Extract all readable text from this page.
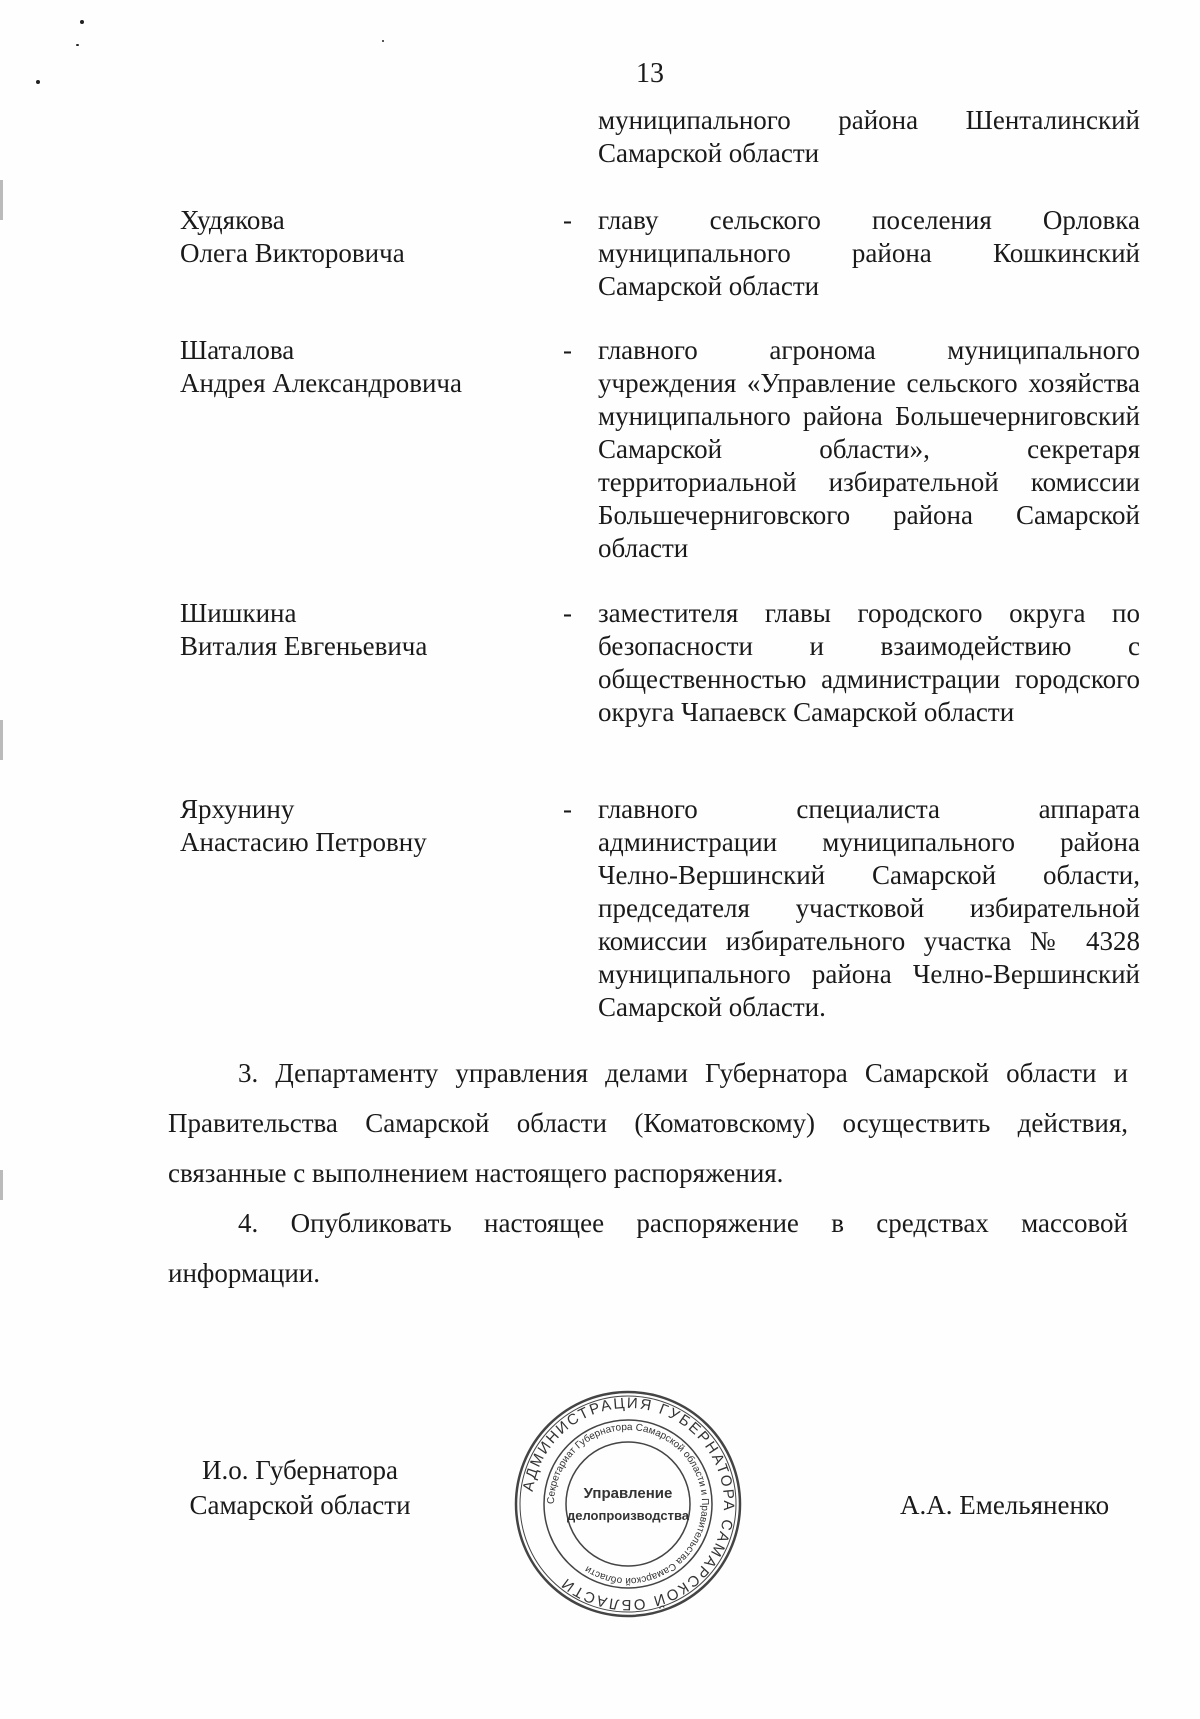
13
муниципального района Шенталинский Самарской области
Худякова
Олега Викторовича
- главу сельского поселения Орловка муниципального района Кошкинский Самарской области
Шаталова
Андрея Александровича
- главного агронома муниципального учреждения «Управление сельского хозяйства муниципального района Большечерниговский Самарской области», секретаря территориальной избирательной комиссии Большечерниговского района Самарской области
Шишкина
Виталия Евгеньевича
- заместителя главы городского округа по безопасности и взаимодействию с общественностью администрации городского округа Чапаевск Самарской области
Ярхунину
Анастасию Петровну
- главного специалиста аппарата администрации муниципального района Челно-Вершинский Самарской области, председателя участковой избирательной комиссии избирательного участка № 4328 муниципального района Челно-Вершинский Самарской области.
3. Департаменту управления делами Губернатора Самарской области и Правительства Самарской области (Коматовскому) осуществить действия, связанные с выполнением настоящего распоряжения.
4. Опубликовать настоящее распоряжение в средствах массовой информации.
И.о. Губернатора
Самарской области
АДМИНИСТРАЦИЯ ГУБЕРНАТОРА САМАРСКОЙ ОБЛАСТИ
Секретариат Губернатора Самарской области и Правительства Самарской области
Управление
делопроизводства	А.А. Емельяненко
